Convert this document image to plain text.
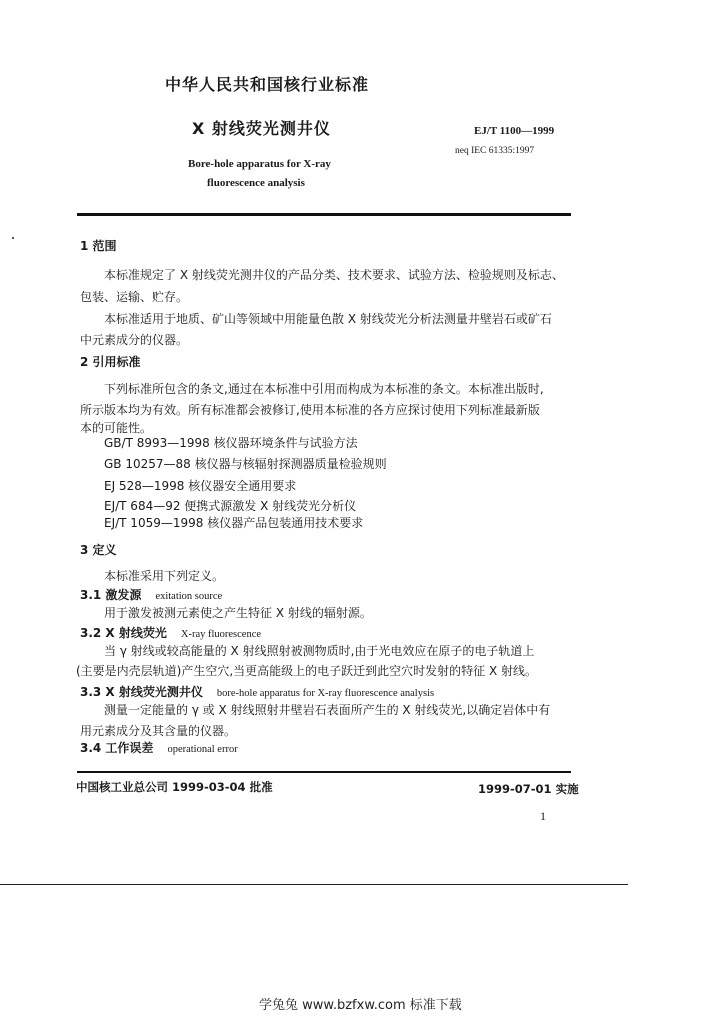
中华人民共和国核行业标准
X 射线荧光测井仪	EJ/T 1100—1999
neq IEC 61335:1997
Bore-hole apparatus for X-ray
fluorescence analysis
1 范围
本标准规定了 X 射线荧光测井仪的产品分类、技术要求、试验方法、检验规则及标志、
包装、运输、贮存。
本标准适用于地质、矿山等领域中用能量色散 X 射线荧光分析法测量井壁岩石或矿石
中元素成分的仪器。
2 引用标准
下列标准所包含的条文,通过在本标准中引用而构成为本标准的条文。本标准出版时,
所示版本均为有效。所有标准都会被修订,使用本标准的各方应探讨使用下列标准最新版
本的可能性。
GB/T 8993—1998 核仪器环境条件与试验方法
GB 10257—88 核仪器与核辐射探测器质量检验规则
EJ 528—1998 核仪器安全通用要求
EJ/T 684—92 便携式源激发 X 射线荧光分析仪
EJ/T 1059—1998 核仪器产品包装通用技术要求
3 定义
本标准采用下列定义。
3.1 激发源 exitation source
用于激发被测元素使之产生特征 X 射线的辐射源。
3.2 X 射线荧光 X-ray fluorescence
当 γ 射线或较高能量的 X 射线照射被测物质时,由于光电效应在原子的电子轨道上
(主要是内壳层轨道)产生空穴,当更高能级上的电子跃迁到此空穴时发射的特征 X 射线。
3.3 X 射线荧光测井仪 bore-hole apparatus for X-ray fluorescence analysis
测量一定能量的 γ 或 X 射线照射井壁岩石表面所产生的 X 射线荧光,以确定岩体中有
用元素成分及其含量的仪器。
中国核工业总公司 1999-03-04 批准	1999-07-01 实施
1
学兔兔 www.bzfxw.com 标准下载
3.4 工作误差 operational error
